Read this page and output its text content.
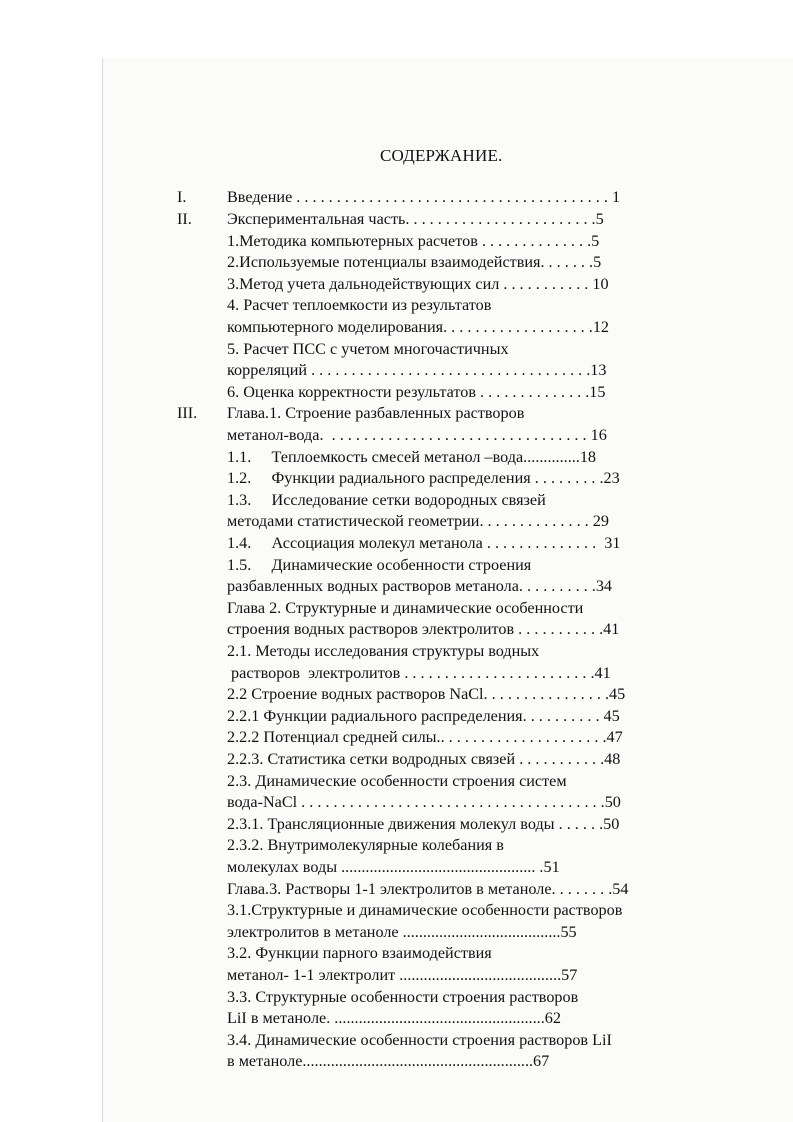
СОДЕРЖАНИЕ.
I.
II.
III.
Введение . . . . . . . . . . . . . . . . . . . . . . . . . . . . . . . . . . . . . . . 1
Экспериментальная часть. . . . . . . . . . . . . . . . . . . . . . . .5
1.Методика компьютерных расчетов . . . . . . . . . . . . . .5
2.Используемые потенциалы взаимодействия. . . . . . .5
3.Метод учета дальнодействующих сил . . . . . . . . . . . 10
4. Расчет теплоемкости из результатов
компьютерного моделирования. . . . . . . . . . . . . . . . . . .12
5. Расчет ПСС с учетом многочастичных
корреляций . . . . . . . . . . . . . . . . . . . . . . . . . . . . . . . . . . .13
6. Оценка корректности результатов . . . . . . . . . . . . . .15
Глава.1. Строение разбавленных растворов
метанол-вода.  . . . . . . . . . . . . . . . . . . . . . . . . . . . . . . . . 16
1.1.     Теплоемкость смесей метанол –вода..............18
1.2.     Функции радиального распределения . . . . . . . . .23
1.3.     Исследование сетки водородных связей
методами статистической геометрии. . . . . . . . . . . . . . 29
1.4.     Ассоциация молекул метанола . . . . . . . . . . . . . .  31
1.5.     Динамические особенности строения
разбавленных водных растворов метанола. . . . . . . . . .34
Глава 2. Структурные и динамические особенности
строения водных растворов электролитов . . . . . . . . . . .41
2.1. Методы исследования структуры водных
растворов  электролитов . . . . . . . . . . . . . . . . . . . . . . . .41
2.2 Строение водных растворов NaCl. . . . . . . . . . . . . . . .45
2.2.1 Функции радиального распределения. . . . . . . . . . 45
2.2.2 Потенциал средней силы.. . . . . . . . . . . . . . . . . . . . .47
2.2.3. Статистика сетки водродных связей . . . . . . . . . . .48
2.3. Динамические особенности строения систем
вода-NaCl . . . . . . . . . . . . . . . . . . . . . . . . . . . . . . . . . . . . . .50
2.3.1. Трансляционные движения молекул воды . . . . . .50
2.3.2. Внутримолекулярные колебания в
молекулах воды ................................................ .51
Глава.3. Растворы 1-1 электролитов в метаноле. . . . . . . .54
3.1.Структурные и динамические особенности растворов
электролитов в метаноле .......................................55
3.2. Функции парного взаимодействия
метанол- 1-1 электролит ........................................57
3.3. Структурные особенности строения растворов
LiI в метаноле. ....................................................62
3.4. Динамические особенности строения растворов LiI
в метаноле.........................................................67
